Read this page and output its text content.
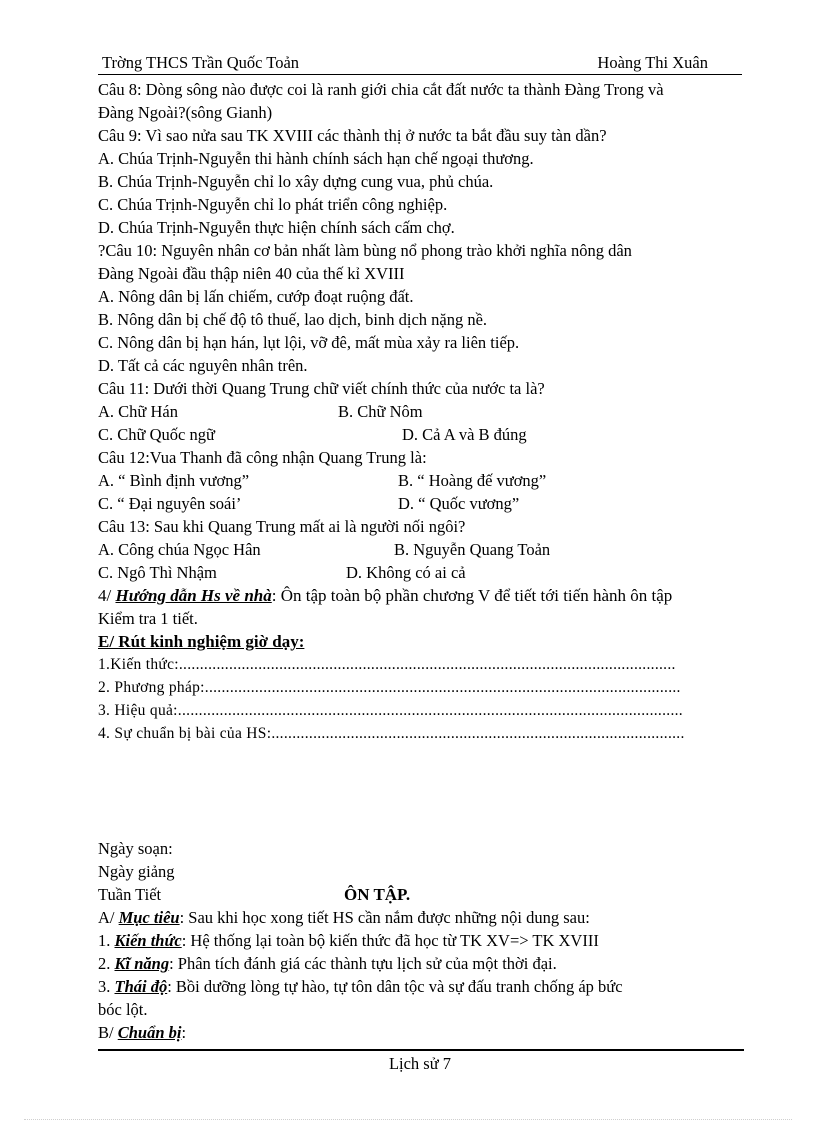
Trờng THCS Trần Quốc Toản	Hoàng Thi Xuân
Câu 8: Dòng sông nào được coi là ranh giới chia cắt đất nước ta thành Đàng Trong và
Đàng Ngoài?(sông Gianh)
Câu 9: Vì sao nửa sau TK XVIII các thành thị ở nước ta bắt đầu suy tàn dần?
A. Chúa Trịnh-Nguyễn thi hành chính sách hạn chế ngoại thương.
B. Chúa Trịnh-Nguyễn chỉ lo xây dựng cung vua, phủ chúa.
C. Chúa Trịnh-Nguyễn chỉ lo phát triển công nghiệp.
D. Chúa Trịnh-Nguyễn thực hiện chính sách cấm chợ.
?Câu 10: Nguyên nhân cơ bản nhất làm bùng nổ phong trào khởi nghĩa nông dân
Đàng Ngoài đầu thập niên 40 của thế kỉ XVIII
A. Nông dân bị lấn chiếm, cướp đoạt ruộng đất.
B. Nông dân bị chế độ tô thuế, lao dịch, binh dịch nặng nề.
C. Nông dân bị hạn hán, lụt lội, vỡ đê, mất mùa xảy ra liên tiếp.
D. Tất cả các nguyên nhân trên.
Câu 11: Dưới thời Quang Trung chữ viết chính thức của nước ta là?
A. Chữ Hán	B. Chữ Nôm
C. Chữ Quốc ngữ	D. Cả A và B đúng
Câu 12:Vua Thanh đã công nhận Quang Trung là:
A. “ Bình định vương”	B. “ Hoàng đế vương”
C. “ Đại nguyên soái’	D. “ Quốc vương”
Câu 13: Sau khi Quang Trung mất ai là người nối ngôi?
A. Công chúa Ngọc Hân	B. Nguyễn Quang Toản
C. Ngô Thì Nhậm	D. Không có ai cả
4/ Hướng dẫn Hs về nhà: Ôn tập toàn bộ phần chương V để tiết tới tiến hành ôn tập
Kiểm tra 1 tiết.
E/ Rút kinh nghiệm giờ dạy:
1.Kiến thức:.......................................................................................................................
2. Phương pháp:..................................................................................................................
3. Hiệu quả:.........................................................................................................................
4. Sự chuẩn bị bài của HS:...................................................................................................
Ngày soạn:
Ngày giảng
Tuần Tiết	ÔN TẬP.
A/ Mục tiêu: Sau khi học xong tiết HS cần nắm được những nội dung sau:
1. Kiến thức: Hệ thống lại toàn bộ kiến thức đã học từ TK XV=> TK XVIII
2. Kĩ năng: Phân tích đánh giá các thành tựu lịch sử của một thời đại.
3. Thái độ: Bồi dưỡng lòng tự hào, tự tôn dân tộc và sự đấu tranh chống áp bức
bóc lột.
B/ Chuẩn bị:
Lịch sử 7
